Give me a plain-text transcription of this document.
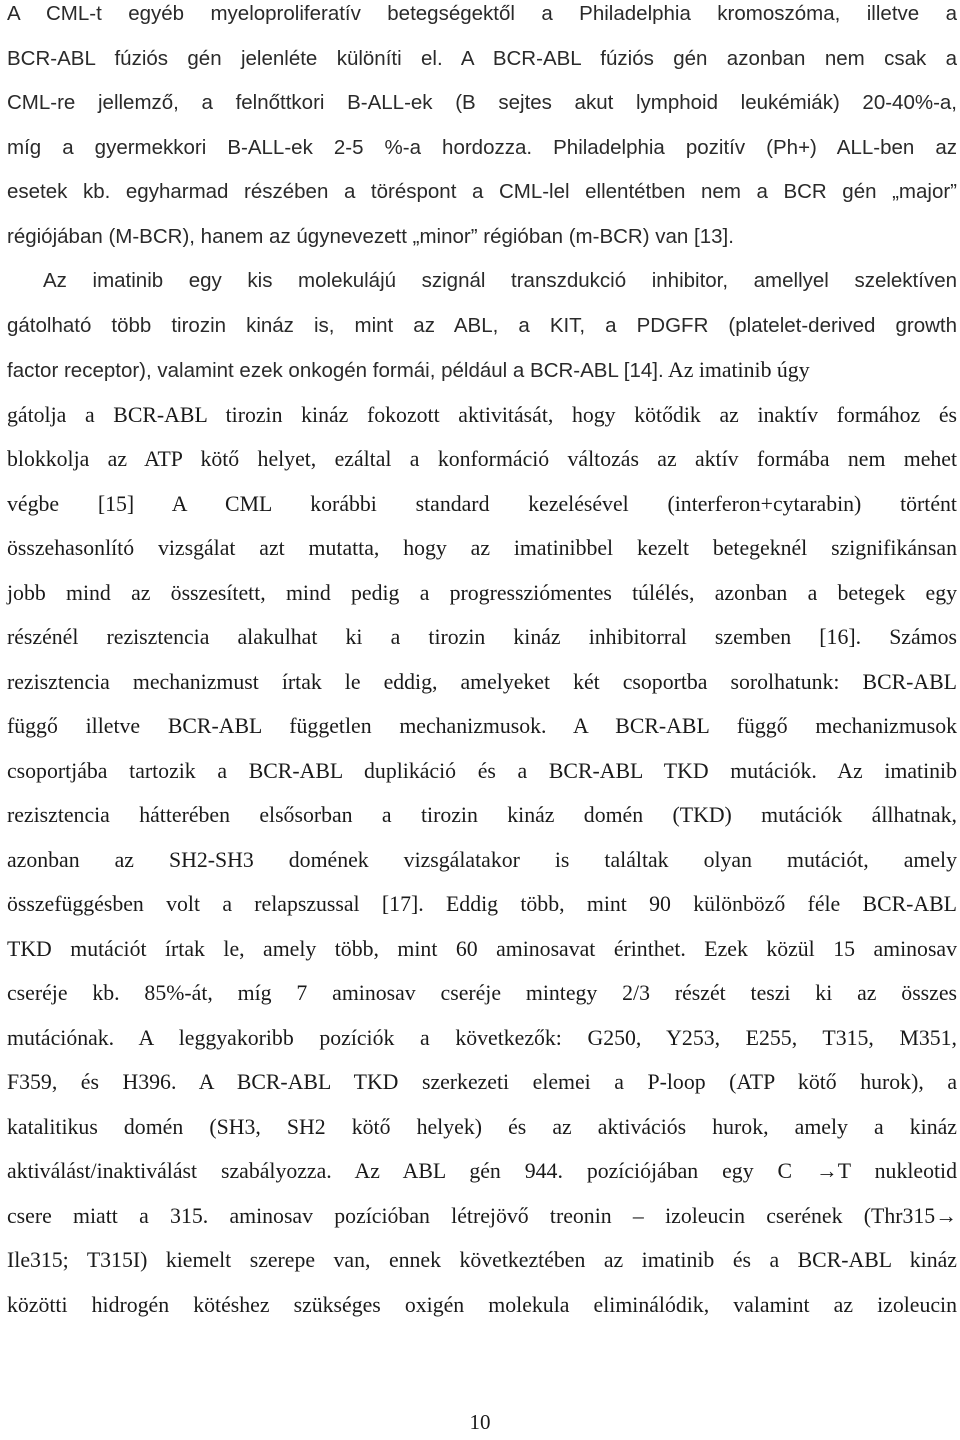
A CML-t egyéb myeloproliferatív betegségektől a Philadelphia kromoszóma, illetve a
BCR-ABL fúziós gén jelenléte különíti el. A BCR-ABL fúziós gén azonban nem csak a
CML-re jellemző, a felnőttkori B-ALL-ek (B sejtes akut lymphoid leukémiák) 20-40%-a,
míg a gyermekkori B-ALL-ek 2-5 %-a hordozza. Philadelphia pozitív (Ph+) ALL-ben az
esetek kb. egyharmad részében a töréspont a CML-lel ellentétben nem a BCR gén „major”
régiójában (M-BCR), hanem az úgynevezett „minor” régióban (m-BCR) van [13].
Az imatinib egy kis molekulájú szignál transzdukció inhibitor, amellyel szelektíven
gátolható több tirozin kináz is, mint az ABL, a KIT, a PDGFR (platelet-derived growth
factor receptor), valamint ezek onkogén formái, például a BCR-ABL [14]. Az imatinib úgy
gátolja a BCR-ABL tirozin kináz fokozott aktivitását, hogy kötődik az inaktív formához és
blokkolja az ATP kötő helyet, ezáltal a konformáció változás az aktív formába nem mehet
végbe [15] A CML korábbi standard kezelésével (interferon+cytarabin) történt
összehasonlító vizsgálat azt mutatta, hogy az imatinibbel kezelt betegeknél szignifikánsan
jobb mind az összesített, mind pedig a progressziómentes túlélés, azonban a betegek egy
részénél rezisztencia alakulhat ki a tirozin kináz inhibitorral szemben [16]. Számos
rezisztencia mechanizmust írtak le eddig, amelyeket két csoportba sorolhatunk: BCR-ABL
függő illetve BCR-ABL független mechanizmusok. A BCR-ABL függő mechanizmusok
csoportjába tartozik a BCR-ABL duplikáció és a BCR-ABL TKD mutációk. Az imatinib
rezisztencia hátterében elsősorban a tirozin kináz domén (TKD) mutációk állhatnak,
azonban az SH2-SH3 domének vizsgálatakor is találtak olyan mutációt, amely
összefüggésben volt a relapszussal [17]. Eddig több, mint 90 különböző féle BCR-ABL
TKD mutációt írtak le, amely több, mint 60 aminosavat érinthet. Ezek közül 15 aminosav
cseréje kb. 85%-át, míg 7 aminosav cseréje mintegy 2/3 részét teszi ki az összes
mutációnak. A leggyakoribb pozíciók a következők: G250, Y253, E255, T315, M351,
F359, és H396. A BCR-ABL TKD szerkezeti elemei a P-loop (ATP kötő hurok), a
katalitikus domén (SH3, SH2 kötő helyek) és az aktivációs hurok, amely a kináz
aktiválást/inaktiválást szabályozza. Az ABL gén 944. pozíciójában egy C →T nukleotid
csere miatt a 315. aminosav pozícióban létrejövő treonin – izoleucin cserének (Thr315→
Ile315; T315I) kiemelt szerepe van, ennek következtében az imatinib és a BCR-ABL kináz
közötti hidrogén kötéshez szükséges oxigén molekula eliminálódik, valamint az izoleucin
10
